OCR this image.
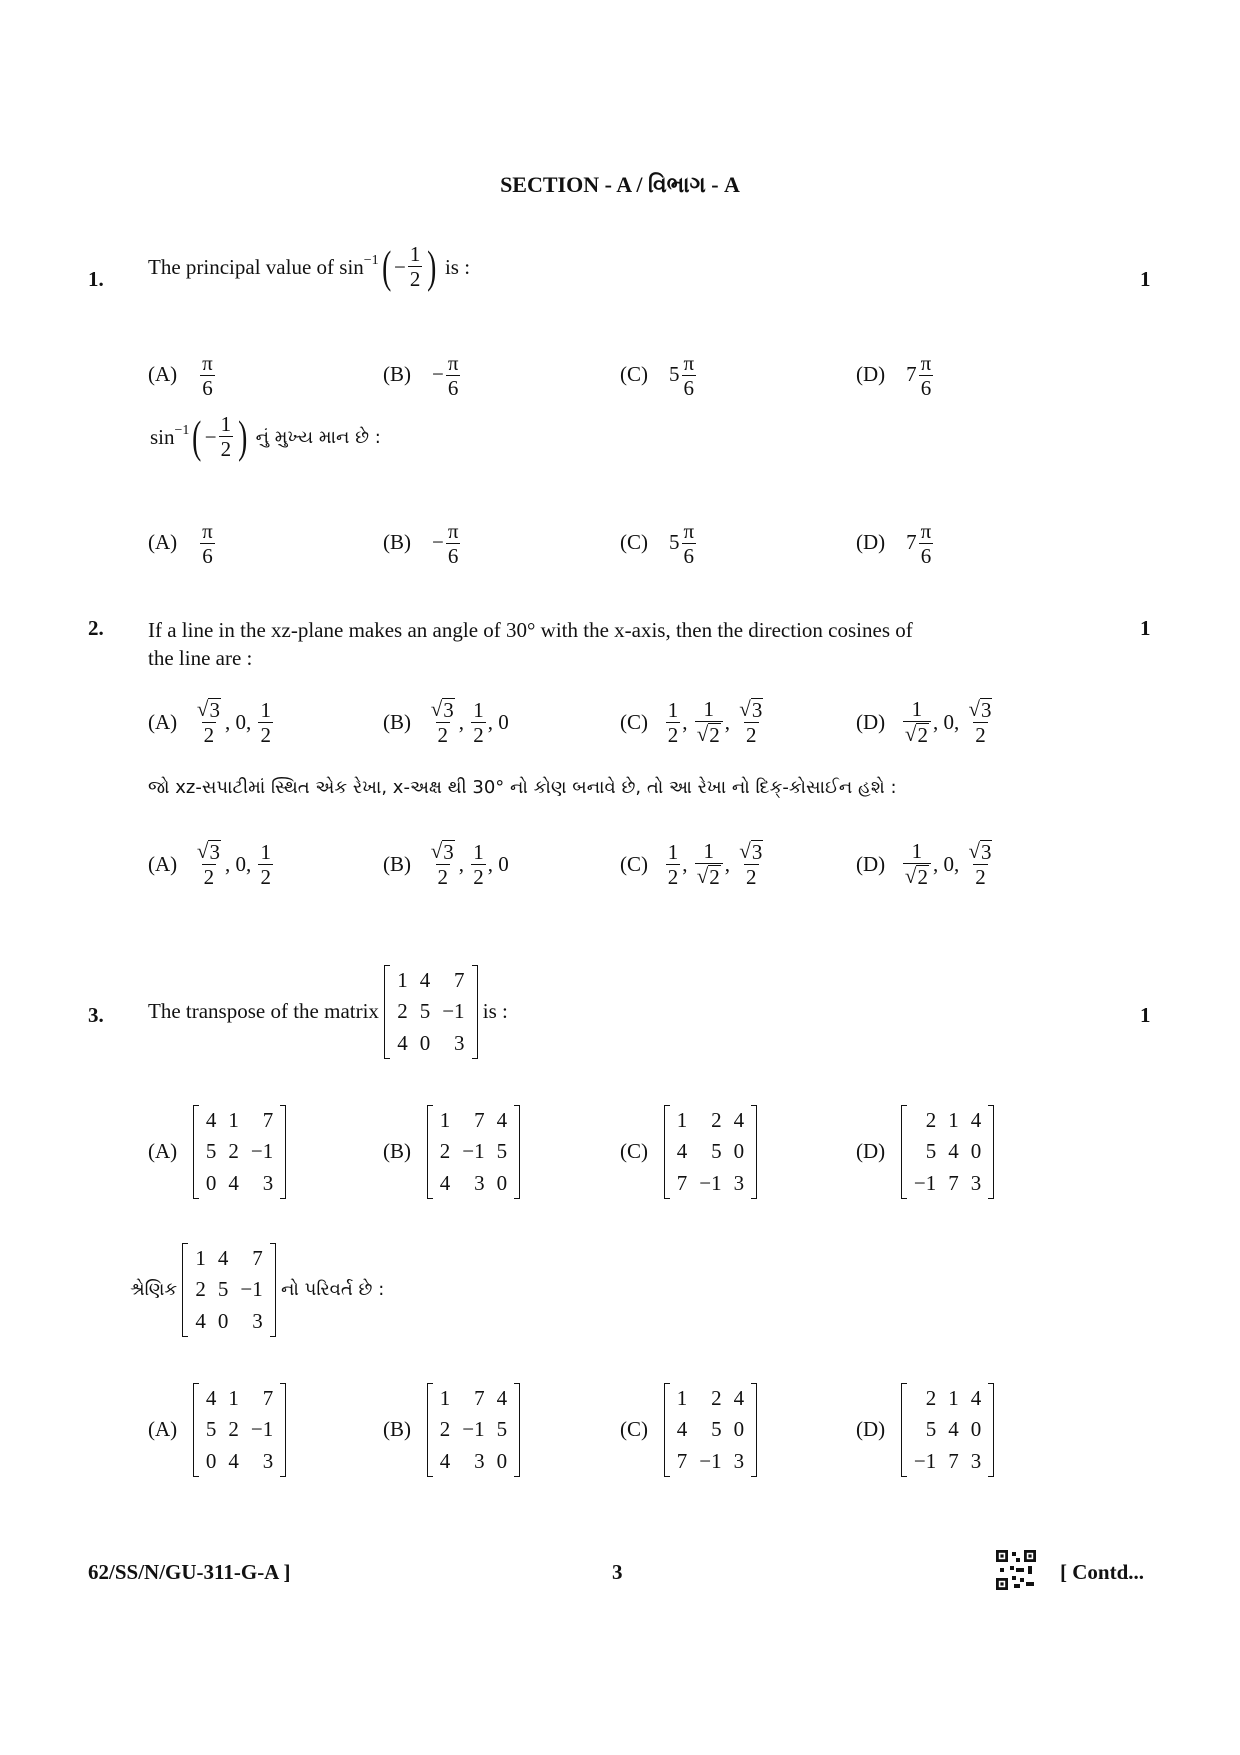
SECTION - A / વિભાગ - A
1.
The principal value of
sin −1 ( − $\frac{1}{2}$ )
is :
1
$(A) \frac{\pi}{6}$	$(B) - \frac{\pi}{6}$	(C) $5 \frac{\pi}{6}$	(D) $7 \frac{\pi}{6}$
sin −1 ( − $\frac{1}{2}$ )
નું મુખ્ય માન છે :
$(A) \frac{\pi}{6}$	$(B) - \frac{\pi}{6}$	(C) $5 \frac{\pi}{6}$	(D) $7 \frac{\pi}{6}$
2. If a line in the xz-plane makes an angle of 30° with the x-axis, then the direction cosines of
the line are :
1
(A)
$\frac{√ 3}{2}$ ,
0 ,
$\frac{1}{2}$	(B)
$\frac{√ 3}{2}$ ,
$\frac{1}{2}$ ,
0	(C)
$\frac{1}{2}$ ,
$\frac{1}{√ 2}$ ,
$\frac{√ 3}{2}$	(D)
$\frac{1}{√ 2}$ ,
0 ,
$\frac{√ 3}{2}$
જો xz-સપાટીમાં સ્થિત એક રેખા, x-અક્ષ થી 30° નો કોણ બનાવે છે, તો આ રેખા નો દિક્-કોસાઈન હશે :
(A)
$\frac{√ 3}{2}$ ,
0 ,
$\frac{1}{2}$	(B)
$\frac{√ 3}{2}$ ,
$\frac{1}{2}$ ,
0	(C)
$\frac{1}{2}$ ,
$\frac{1}{√ 2}$ ,
$\frac{√ 3}{2}$	(D)
$\frac{1}{√ 2}$ ,
0 ,
$\frac{√ 3}{2}$
3. The transpose of the matrix

1	4	7
2	5	−1
4	0	3

is :	1
(A)

4	1	7
5	2	−1
0	4	3
(B)

1	7	4
2	−1	5
4	3	0
(C)

1	2	4
4	5	0
7	−1	3
(D)

2	1	4
5	4	0
−1	7	3
શ્રેણિક

1	4	7
2	5	−1
4	0	3

નો પરિવર્ત છે :
(A)

4	1	7
5	2	−1
0	4	3
(B)

1	7	4
2	−1	5
4	3	0
(C)

1	2	4
4	5	0
7	−1	3
(D)

2	1	4
5	4	0
−1	7	3
62/SS/N/GU-311-G-A ]	3	[ Contd...
